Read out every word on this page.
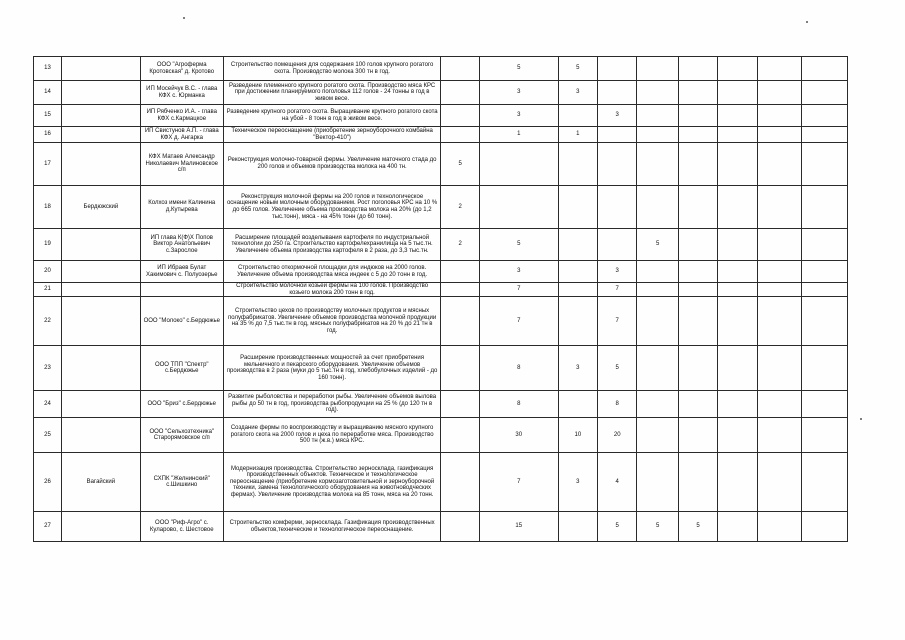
13		ООО "Агроферма Кротовская" д. Кротово	Строительство помещения для содержания 100 голов крупного рогатого скота. Производство молока 300 тн в год.		5	5						
14		ИП Мосейчук В.С. - глава КФХ с. Юрманка	Разведение племенного крупного рогатого скота. Производство мяса КРС при достижении планируемого поголовья 112 голов - 24 тонны в год в живом весе.		3	3						
15		ИП Рябченко И.А. - глава КФХ с.Кармацкое	Разведение крупного рогатого скота. Выращивание крупного рогатого скота на убой - 8 тонн в год в живом весе.		3		3					
16		ИП Свистунов А.П. - глава КФХ д. Ангарка	Техническое переоснащение (приобретение зерноуборочного комбайна "Вектор-410")		1	1						
17		КФХ Матаев Александр Николаевич Малиновское с/п	Реконструкция молочно-товарной фермы. Увеличение маточного стада до 200 голов и объемов производства молока на 400 тн.	5								
18	Бердюжский	Колхоз имени Калинина д.Кутырева	Реконструкция молочной фермы на 200 голов и технологическое оснащение новым молочным оборудованием. Рост поголовья КРС на 10 % до 665 голов. Увеличение объема производства молока на 20% (до 1,2 тыс.тонн), мяса - на 45% тонн (до 60 тонн).	2								
19		ИП глава К(Ф)Х Попов Виктор Анатольевич с.Зарослое	Расширение площадей возделывания картофеля по индустриальной технологии до 250 га. Строительство картофелехранилища на 5 тыс.тн. Увеличение объема производства картофеля в 2 раза, до 3,3 тыс.тн.	2	5			5				
20		ИП Ибраев Булат Хакимович с. Полуозерье	Строительство откормочной площадки для индюков на 2000 голов. Увеличение объема производства мяса индеек с 5 до 20 тонн в год.		3		3					
21			Строительство молочной козьей фермы на 100 голов. Производство козьего молока 200 тонн в год.		7		7					
22		ООО "Молоко" с.Бердюжье	Строительство цехов по производству молочных продуктов и мясных полуфабрикатов. Увеличение объемов производства молочной продукции на 35 % до 7,5 тыс.тн в год, мясных полуфабрикатов на 20 % до 21 тн в год.		7		7					
23		ООО ТПП "Спектр" с.Бердюжье	Расширение производственных мощностей за счет приобретения мельничного и пекарского оборудования. Увеличение объемов производства в 2 раза (муки до 5 тыс.тн в год, хлебобулочных изделий - до 160 тонн).		8	3	5					
24		ООО "Бриз" с.Бердюжье	Развитие рыболовства и переработки рыбы. Увеличение объемов вылова рыбы до 50 тн в год, производства рыбопродукции на 25 % (до 120 тн в год).		8		8					
25		ООО "Сельхозтехника" Старорямовское с/п	Создание фермы по воспроизводству и выращиванию мясного крупного рогатого скота на 2000 голов и цеха по переработке мяса. Производство 500 тн (ж.в.) мяса КРС.		30	10	20					
26	Вагайский	СХПК "Желнинский" с.Шишкино	Модернизация производства. Строительство зерносклада, газификация производственных объектов. Техническое и технологическое переоснащение (приобретение кормозаготовительной и зерноуборочной техники, замена технологического оборудования на животноводческих фермах). Увеличение производства молока на 85 тонн, мяса на 20 тонн.		7	3	4					
27		ООО "Риф-Агро" с. Куларово, с. Шестовое	Строительство комферми, зерносклада. Газификация производственных объектов,технические и технологическое переоснащение.		15		5	5	5			
